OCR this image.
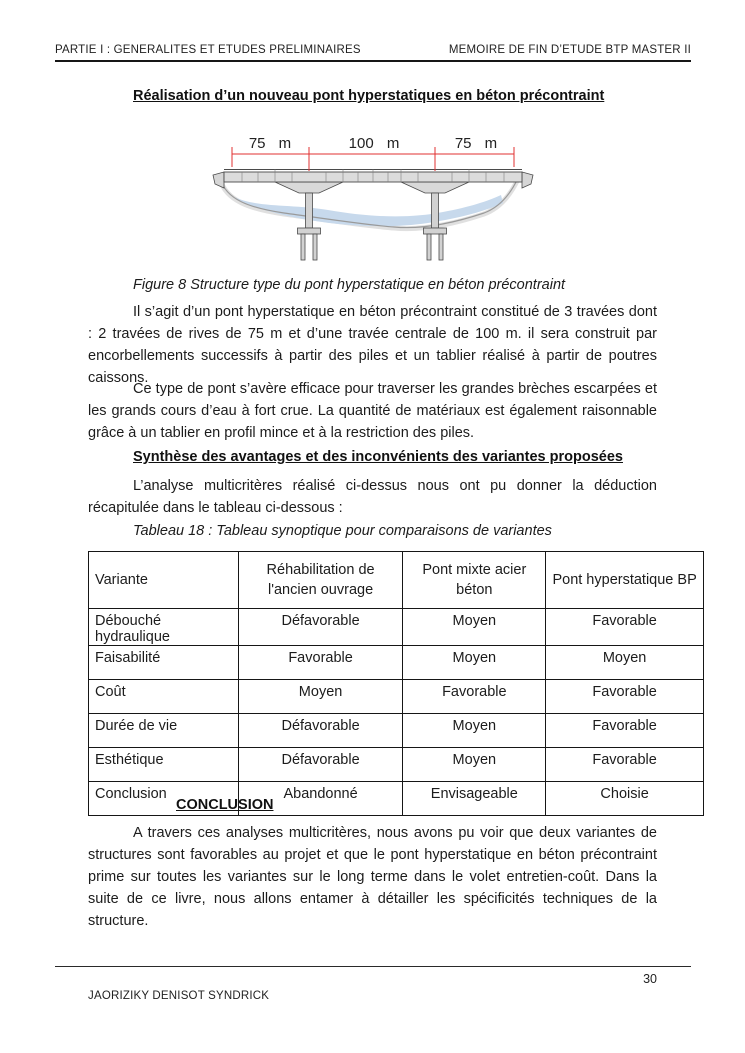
PARTIE I : GENERALITES ET ETUDES PRELIMINAIRES	MEMOIRE DE FIN D’ETUDE BTP MASTER II
Réalisation d’un nouveau pont hyperstatiques en béton précontraint
75 m	100 m	75 m
Figure 8 Structure type du pont hyperstatique en béton précontraint
Il s’agit d’un pont hyperstatique en béton précontraint constitué de 3 travées dont : 2 travées de rives de 75 m et d’une travée centrale de 100 m. il sera construit par encorbellements successifs à partir des piles et un tablier réalisé à partir de poutres caissons.
Ce type de pont s’avère efficace pour traverser les grandes brèches escarpées et les grands cours d’eau à fort crue. La quantité de matériaux est également raisonnable grâce à un tablier en profil mince et à la restriction des piles.
Synthèse des avantages et des inconvénients des variantes proposées
L’analyse multicritères réalisé ci-dessus nous ont pu donner la déduction récapitulée dans le tableau ci-dessous :
Tableau 18 : Tableau synoptique pour comparaisons de variantes
Variante	Réhabilitation de l'ancien ouvrage	Pont mixte acier béton	Pont hyperstatique BP
Débouché hydraulique	Défavorable	Moyen	Favorable
Faisabilité	Favorable	Moyen	Moyen
Coût	Moyen	Favorable	Favorable
Durée de vie	Défavorable	Moyen	Favorable
Esthétique	Défavorable	Moyen	Favorable
Conclusion	Abandonné	Envisageable	Choisie
CONCLUSION
A travers ces analyses multicritères, nous avons pu voir que deux variantes de structures sont favorables au projet et que le pont hyperstatique en béton précontraint prime sur toutes les variantes sur le long terme dans le volet entretien-coût. Dans la suite de ce livre, nous allons entamer à détailler les spécificités techniques de la structure.
30
JAORIZIKY DENISOT SYNDRICK
